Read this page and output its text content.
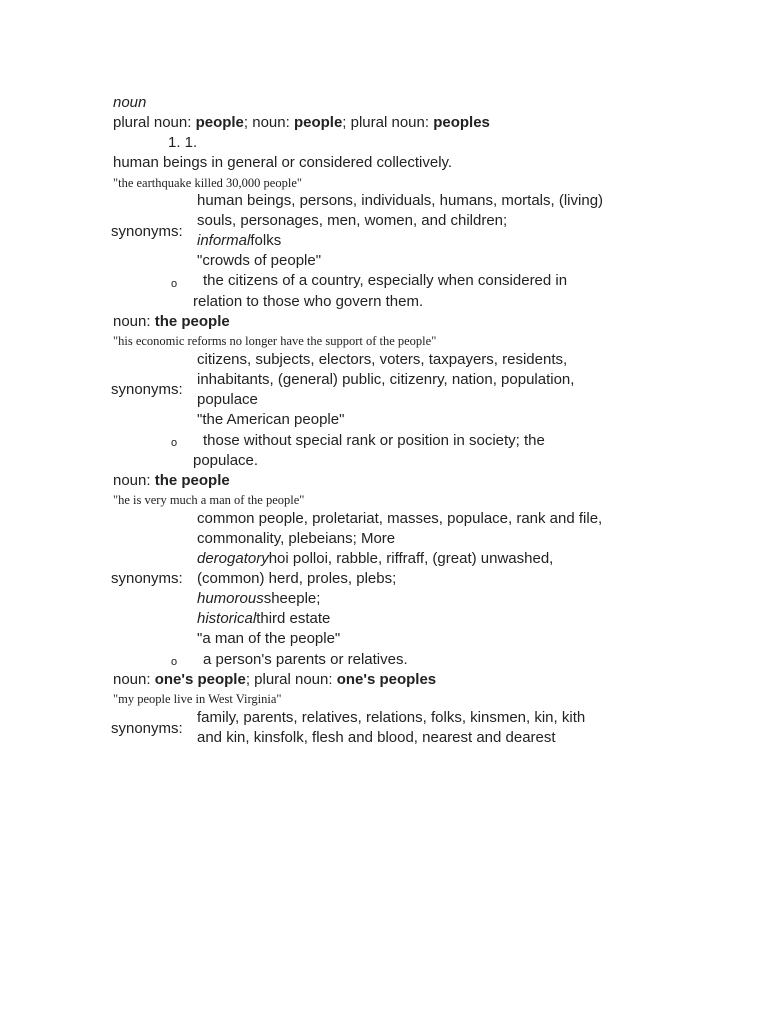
noun
plural noun: people; noun: people; plural noun: peoples
1. 1.
human beings in general or considered collectively.
"the earthquake killed 30,000 people"
human beings, persons, individuals, humans, mortals, (living)
souls, personages, men, women, and children;
synonyms:
informalfolks
"crowds of people"
o the citizens of a country, especially when considered in
relation to those who govern them.
noun: the people
"his economic reforms no longer have the support of the people"
citizens, subjects, electors, voters, taxpayers, residents,
inhabitants, (general) public, citizenry, nation, population,
synonyms:
populace
"the American people"
o those without special rank or position in society; the
populace.
noun: the people
"he is very much a man of the people"
common people, proletariat, masses, populace, rank and file,
commonality, plebeians; More
derogatoryhoi polloi, rabble, riffraff, (great) unwashed,
synonyms: (common) herd, proles, plebs;
humoroussheeple;
historicalthird estate
"a man of the people"
o a person's parents or relatives.
noun: one's people; plural noun: one's peoples
"my people live in West Virginia"
family, parents, relatives, relations, folks, kinsmen, kin, kith
synonyms:
and kin, kinsfolk, flesh and blood, nearest and dearest
